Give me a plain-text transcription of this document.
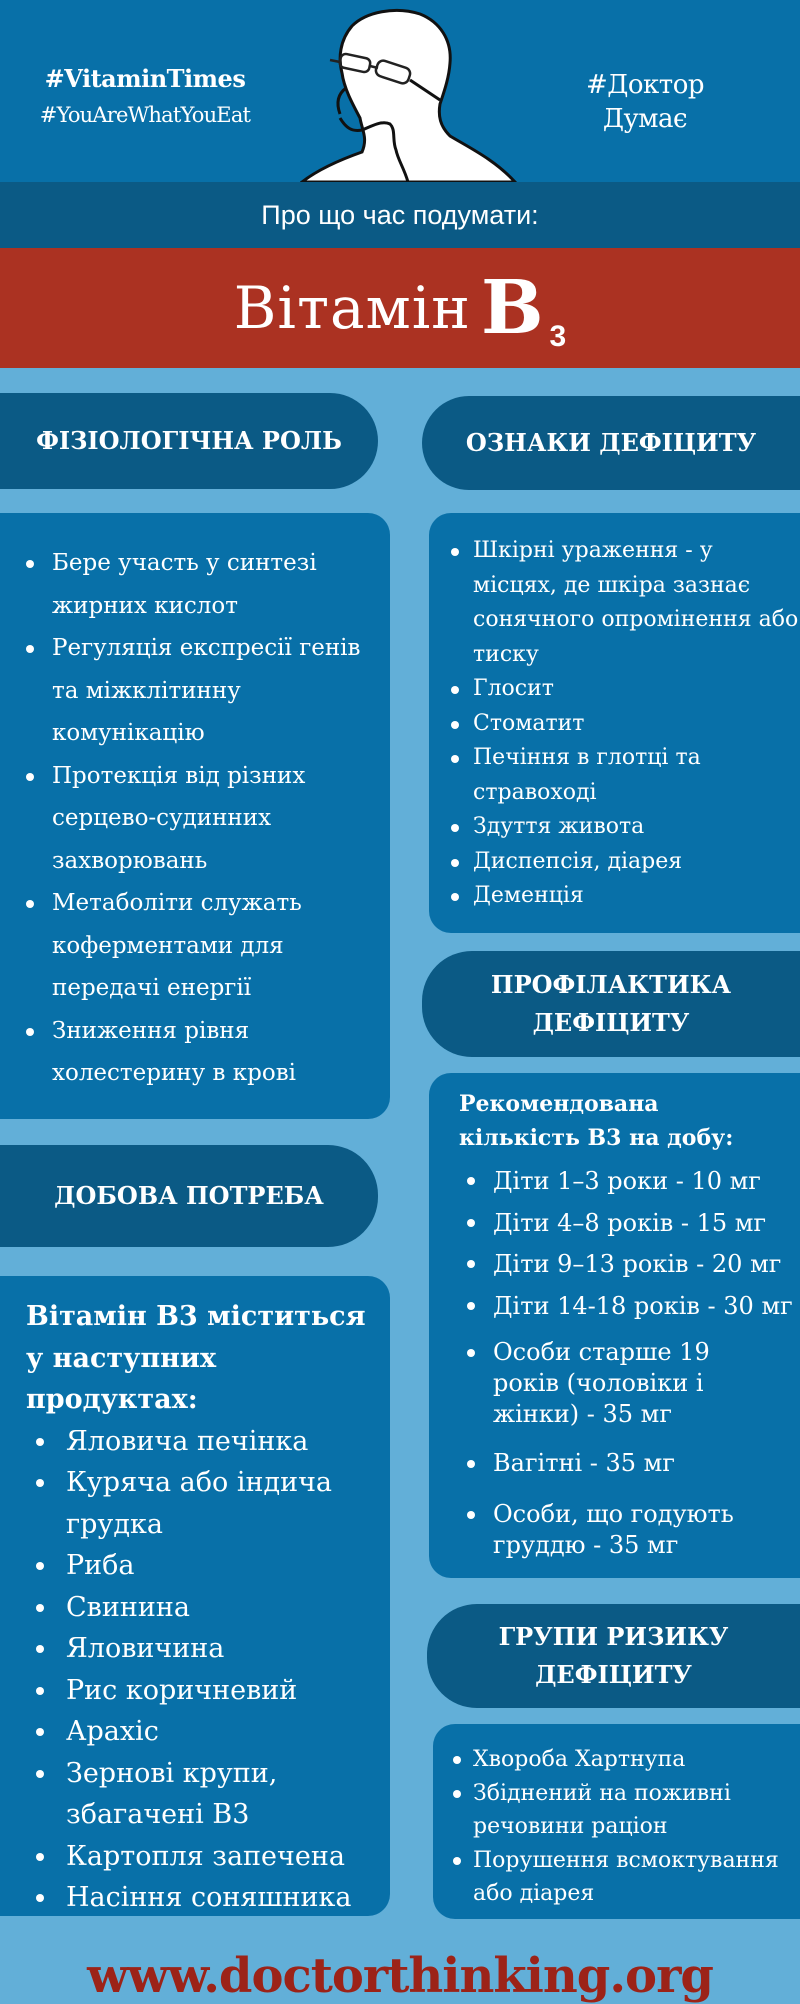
#VitaminTimes
#YouAreWhatYouEat
#Доктор
Думає
Про що час подумати:
Вітамін B 3
ФІЗІОЛОГІЧНА РОЛЬ
Бере участь у синтезі жирних кислот
Регуляція експресії генів та міжклітинну комунікацію
Протекція від різних серцево-судинних захворювань
Метаболіти служать коферментами для передачі енергії
Зниження рівня холестерину в крові
ДОБОВА ПОТРЕБА
Вітамін B3 міститься у наступних продуктах:
Яловича печінка
Куряча або індича грудка
Риба
Свинина
Яловичина
Рис коричневий
Арахіс
Зернові крупи, збагачені B3
Картопля запечена
Насіння соняшника
ОЗНАКИ ДЕФІЦИТУ
Шкірні ураження - у місцях, де шкіра зазнає сонячного опромінення або тиску
Глосит
Стоматит
Печіння в глотці та стравоході
Здуття живота
Диспепсія, діарея
Деменція
ПРОФІЛАКТИКА
ДЕФІЦИТУ
Рекомендована
кількість B3 на добу:
Діти 1–3 роки - 10 мг
Діти 4–8 років - 15 мг
Діти 9–13 років - 20 мг
Діти 14-18 років - 30 мг
Особи старше 19 років (чоловіки і жінки) - 35 мг
Вагітні - 35 мг
Особи, що годують груддю - 35 мг
ГРУПИ РИЗИКУ
ДЕФІЦИТУ
Хвороба Хартнупа
Збіднений на поживні речовини раціон
Порушення всмоктування або діарея
www.doctorthinking.org
